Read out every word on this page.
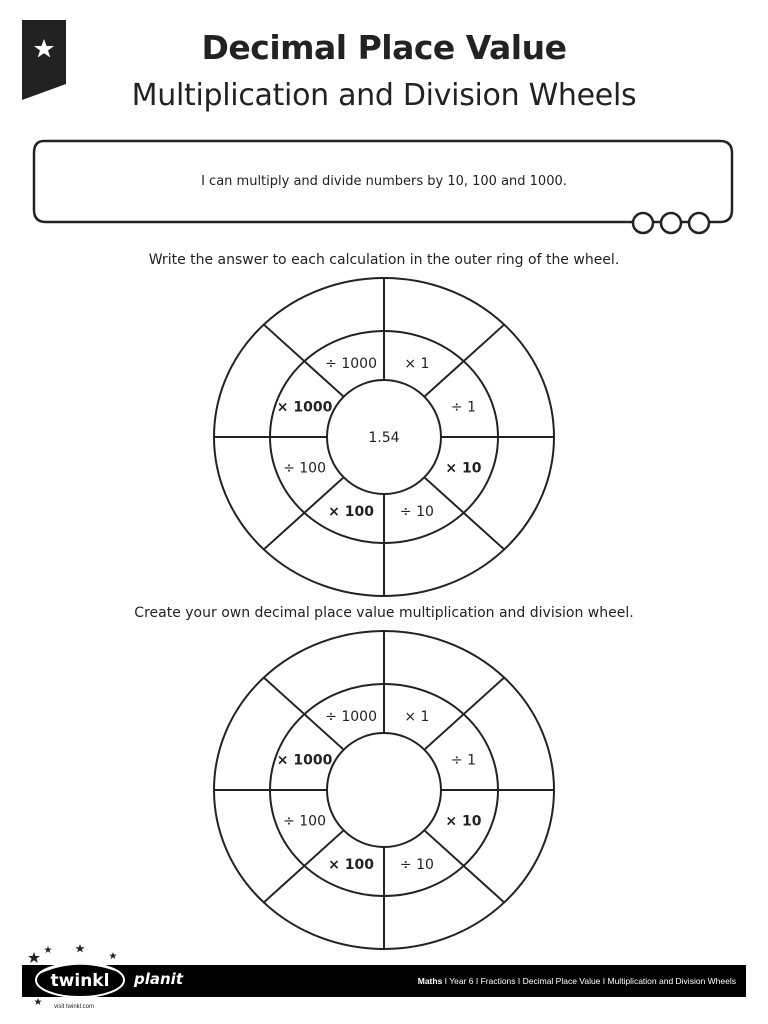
Decimal Place Value
Multiplication and Division Wheels
I can multiply and divide numbers by 10, 100 and 1000.
Write the answer to each calculation in the outer ring of the wheel.
× 1
÷ 1
× 10
÷ 10
× 100
÷ 100
× 1000
÷ 1000
1.54
Create your own decimal place value multiplication and division wheel.
× 1
÷ 1
× 10
÷ 10
× 100
÷ 100
× 1000
÷ 1000
twinkl planit	Maths I Year 6 I Fractions I Decimal Place Value I Multiplication and Division Wheels
visit twinkl.com
